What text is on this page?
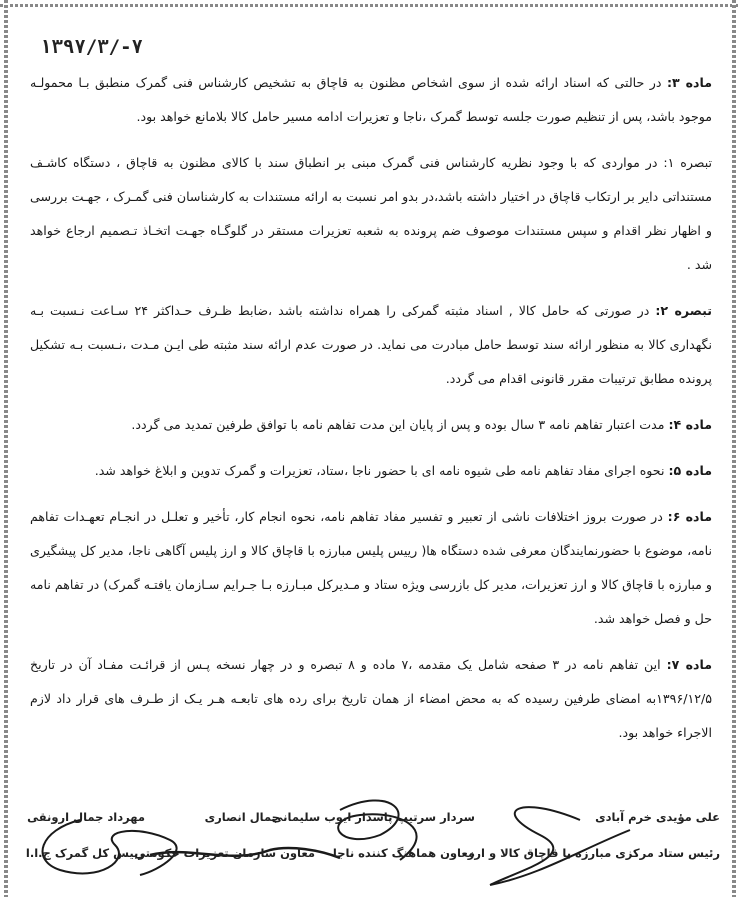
۱۳۹۷/۳/-۷

ماده ۳: در حالتی که اسناد ارائه شده از سوی اشخاص مظنون به قاچاق به تشخیص کارشناس فنی گمرک منطبق بـا محمولـه موجود باشد، پس از تنظیم صورت جلسه توسط گمرک ،ناجا و تعزیرات ادامه مسیر حامل کالا بلامانع خواهد بود.

تبصره ۱: در مواردی که با وجود نظریه کارشناس فنی گمرک مبنی بر انطباق سند با کالای مظنون به قاچاق ، دستگاه کاشـف مستنداتی دایر بر ارتکاب قاچاق در اختیار داشته باشد،در بدو امر نسبت به ارائه مستندات به کارشناسان فنی گمـرک ، جهـت بررسی و اظهار نظر اقدام و سپس مستندات موصوف ضم پرونده به شعبه تعزیرات مستقر در گلوگـاه جهـت اتخـاذ تـصمیم ارجاع خواهد شد .

تبصره ۲: در صورتی که حامل کالا , اسناد مثبته گمرکی را همراه نداشته باشد ،ضابط ظـرف حـداکثر ۲۴ سـاعت نـسبت بـه نگهداری کالا به منظور ارائه سند توسط حامل مبادرت می نماید. در صورت عدم ارائه سند مثبته طی ایـن مـدت ،نـسبت بـه تشکیل پرونده مطابق ترتیبات مقرر قانونی اقدام می گردد.

ماده ۴: مدت اعتبار تفاهم نامه ۳ سال بوده و پس از پایان این مدت تفاهم نامه با توافق طرفین تمدید می گردد.

ماده ۵: نحوه اجرای مفاد تفاهم نامه طی شیوه نامه ای با حضور ناجا ،ستاد، تعزیرات و گمرک تدوین و ابلاغ خواهد شد.

ماده ۶: در صورت بروز اختلافات ناشی از تعبیر و تفسیر مفاد تفاهم نامه، نحوه انجام کار، تأخیر و تعلـل در انجـام تعهـدات تفاهم نامه، موضوع با حضورنمایندگان معرفی شده دستگاه ها( رییس پلیس مبارزه با قاچاق کالا و ارز پلیس آگاهی ناجا، مدیر کل پیشگیری و مبارزه با قاچاق کالا و ارز تعزیرات، مدیر کل بازرسی ویژه ستاد و مـدیرکل مبـارزه بـا جـرایم سـازمان یافتـه گمرک) در تفاهم نامه حل و فصل خواهد شد.

ماده ۷: این تفاهم نامه در ۳ صفحه شامل یک مقدمه ،۷ ماده و ۸ تبصره و در چهار نسخه پـس از قرائـت مفـاد آن در تاریخ ۱۳۹۶/۱۲/۵به امضای طرفین رسیده که به محض امضاء از همان تاریخ برای رده های تابعـه هـر یـک از طـرف های قرار داد لازم الاجراء خواهد بود.

علی مؤیدی خرم آبادی
رئیس ستاد مرکزی مبارزه با قاچاق کالا و ارز
سردار سرتیپ پاسدار ایوب سلیمانی
معاون هماهنگ کننده ناجا
جمال انصاری
معاون سازمان تعزیرات حکومتی
مهرداد جمال ارونقی
رییس کل گمرک ج.ا.ا
